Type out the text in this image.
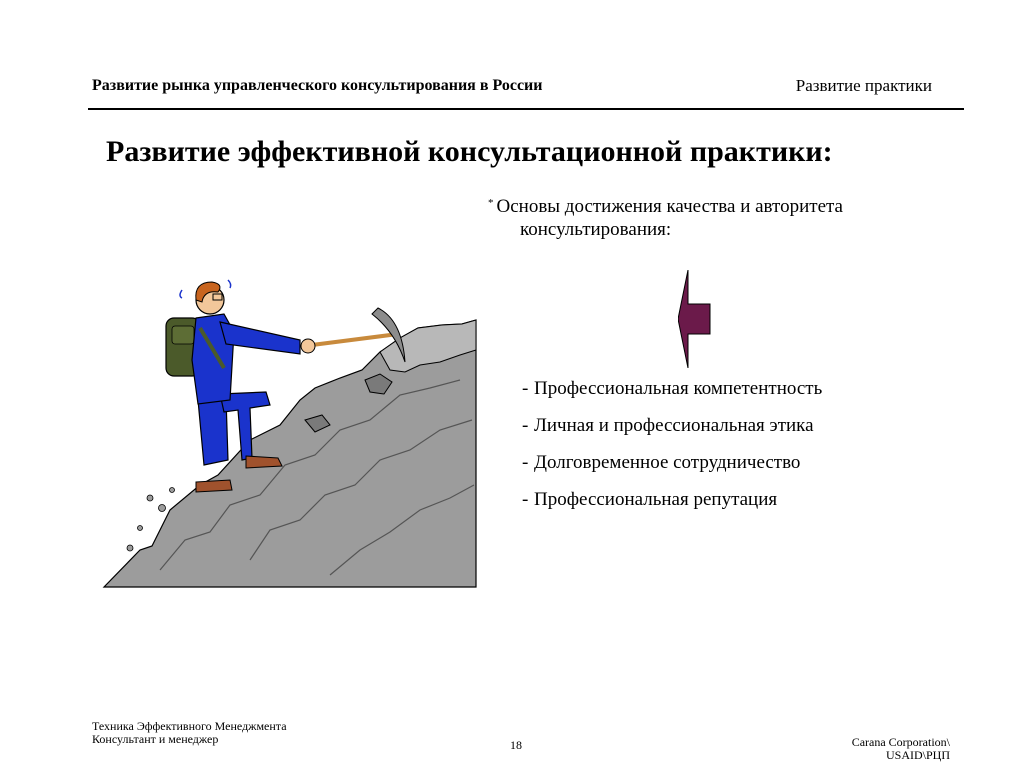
Развитие рынка управленческого консультирования в России	Развитие практики
Развитие эффективной консультационной практики:
* Основы достижения качества и авторитета
консультирования:
- Профессиональная компетентность
- Личная и профессиональная этика
- Долговременное сотрудничество
- Профессиональная репутация
Техника Эффективного Менеджмента
Консультант и менеджер	18	Carana Corporation\
USAID\РЦП
